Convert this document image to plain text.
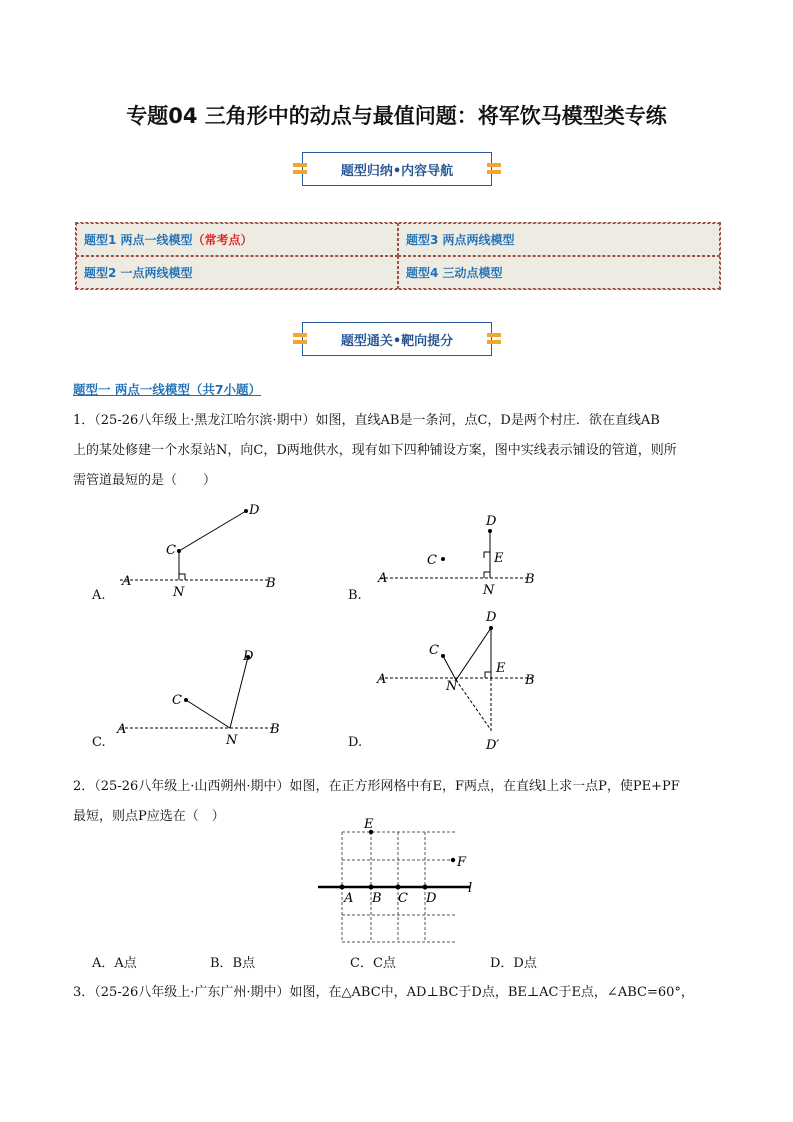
专题04 三角形中的动点与最值问题：将军饮马模型类专练
题型归纳•内容导航
题型1 两点一线模型 （常考点）	题型3 两点两线模型
题型2 一点两线模型	题型4 三动点模型
题型通关•靶向提分
题型一 两点一线模型（共7小题）
1．（25-26八年级上·黑龙江哈尔滨·期中）如图，直线AB是一条河，点C，D是两个村庄．欲在直线AB
上的某处修建一个水泵站N，向C，D两地供水，现有如下四种铺设方案，图中实线表示铺设的管道，则所
需管道最短的是（　　）
A	B
N
C
D
A	B
N
C
D
E
A	B
N
C
D
A	B
N
C
D
E
D′
A.	B.
C.	D.
2．（25-26八年级上·山西朔州·期中）如图，在正方形网格中有E，F两点，在直线l上求一点P，使PE+PF
最短，则点P应选在（　）
E
F
A B C D
l
A．A点	B．B点	C．C点	D．D点
3．（25-26八年级上·广东广州·期中）如图，在△ABC中，AD⊥BC于D点，BE⊥AC于E点，∠ABC=60°，
